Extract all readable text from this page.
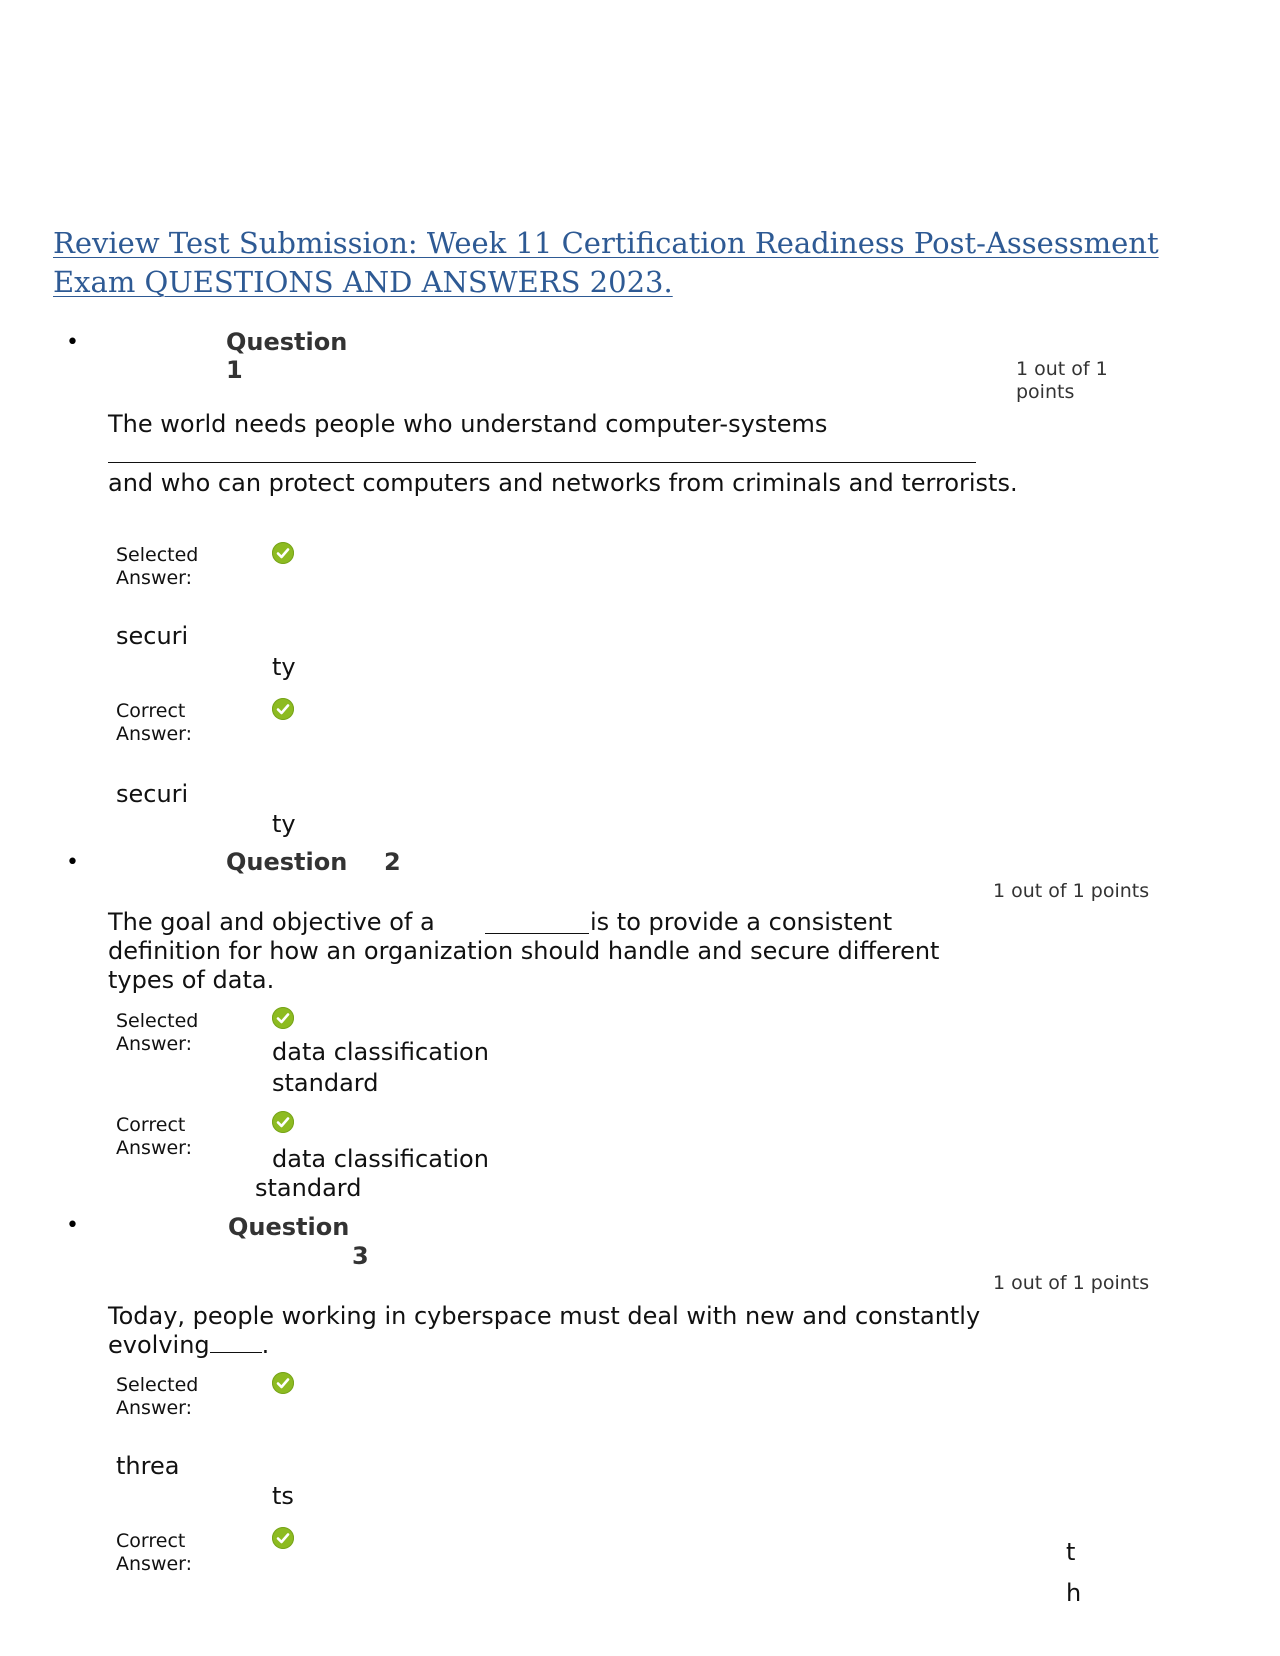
Review Test Submission: Week 11 Certification Readiness Post-Assessment Exam QUESTIONS AND ANSWERS 2023.
•	Question
1	1 out of 1 points
The world needs people who understand computer-systems
and who can protect computers and networks from criminals and terrorists.
Selected Answer:
securi
ty
Correct Answer:
securi
ty
•	Question 2
1 out of 1 points
The goal and objective of a	is to provide a consistent definition for how an organization should handle and secure different types of data.
Selected Answer:	data classification
standard
Correct Answer:	data classification
standard
•	Question
3
1 out of 1 points
Today, people working in cyberspace must deal with new and constantly evolving .
Selected Answer:
threa
ts
Correct Answer:	t
h
